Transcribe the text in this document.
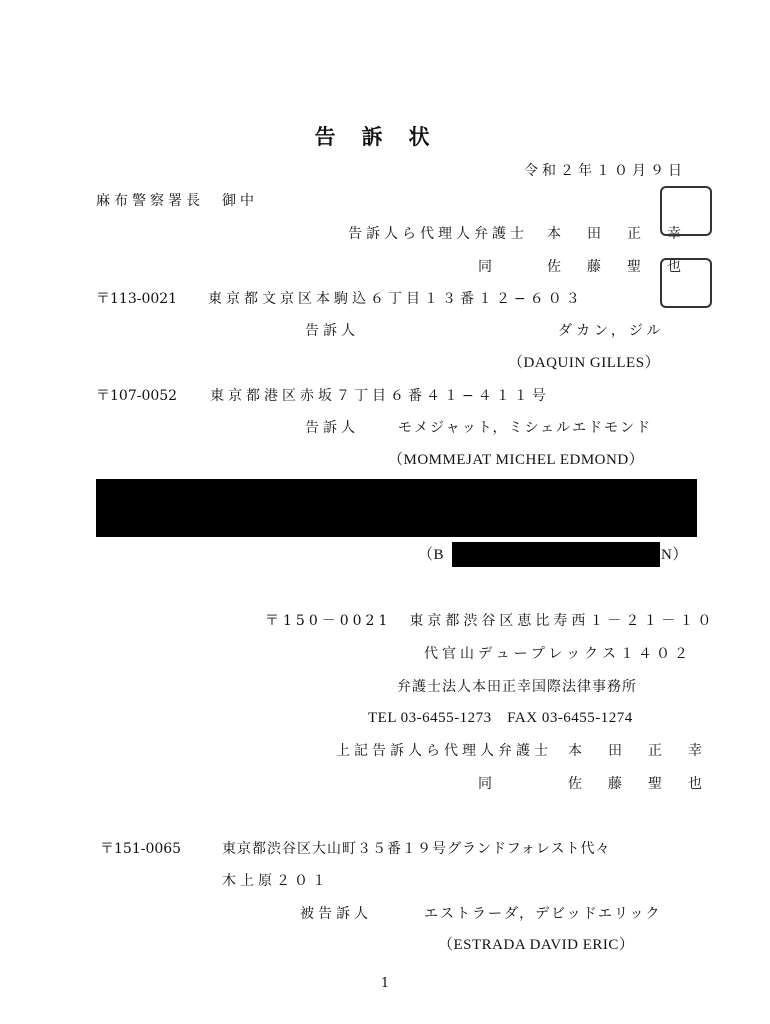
告訴状
令和２年１０月９日
麻布警察署長　御中
告訴人ら代理人弁護士 本　田　正　幸
同	佐　藤　聖　也
〒113-0021 東京都文京区本駒込６丁目１３番１２−６０３
告訴人	ダカン，ジル
（DAQUIN GILLES）
〒107-0052 東京都港区赤坂７丁目６番４１−４１１号
告訴人	モメジャット，ミシェルエドモンド
（MOMMEJAT MICHEL EDMOND）
（B	N）
〒150－0021　東京都渋谷区恵比寿西１－２１－１０
代官山デュープレックス１４０２
弁護士法人本田正幸国際法律事務所
TEL 03-6455-1273　FAX 03-6455-1274
上記告訴人ら代理人弁護士 本　田　正　幸
同	佐　藤　聖　也
〒151-0065	東京都渋谷区大山町３５番１９号グランドフォレスト代々
木上原２０１
被告訴人	エストラーダ，デビッドエリック
（ESTRADA DAVID ERIC）
1
